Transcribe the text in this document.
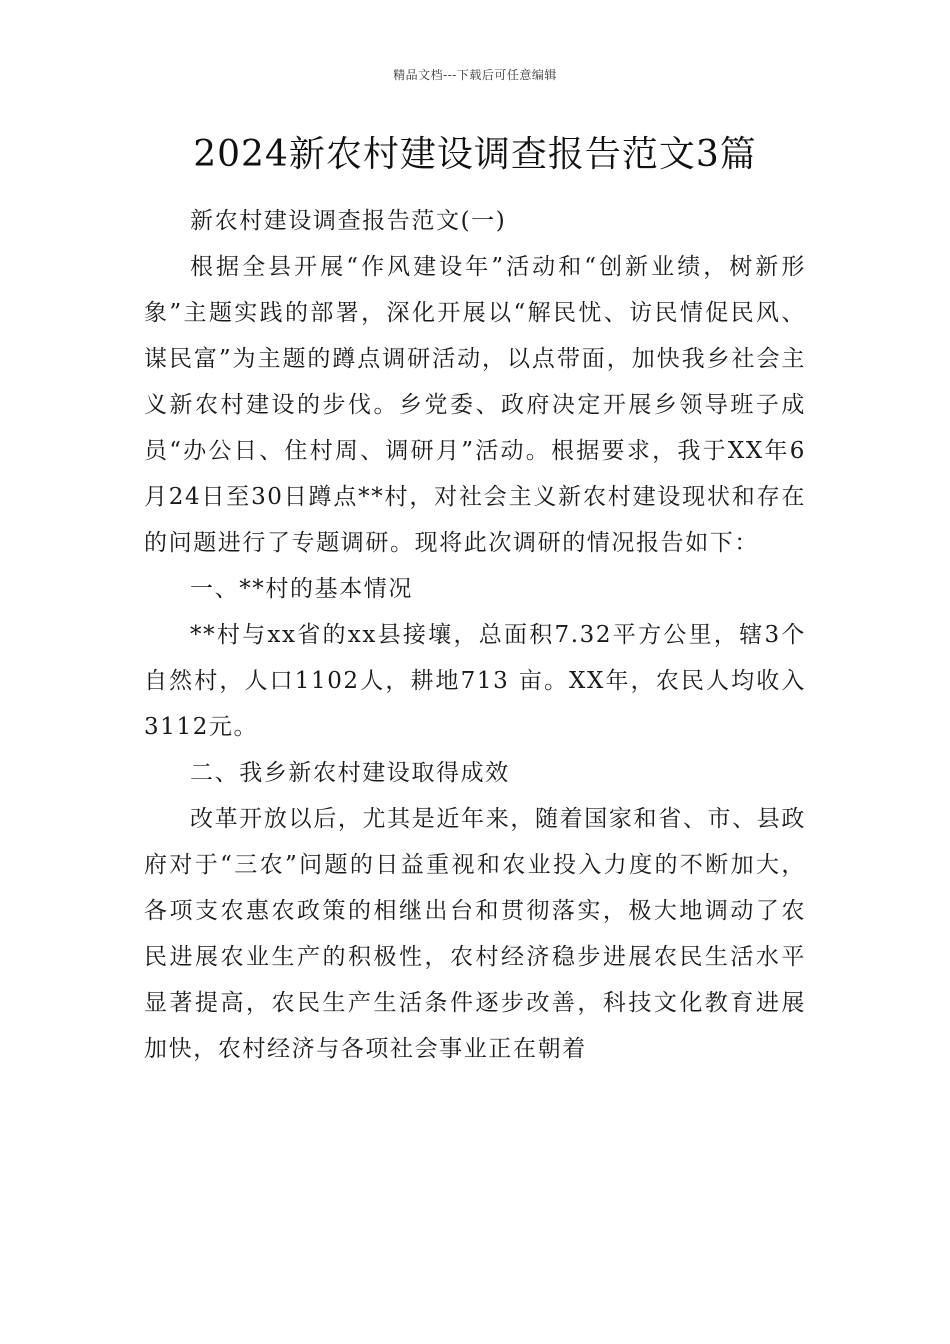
精品文档---下载后可任意编辑

2024新农村建设调查报告范文3篇

新农村建设调查报告范文(一)

根据全县开展“作风建设年”活动和“创新业绩，树新形象”主题实践的部署，深化开展以“解民忧、访民情促民风、谋民富”为主题的蹲点调研活动，以点带面，加快我乡社会主义新农村建设的步伐。乡党委、政府决定开展乡领导班子成员“办公日、住村周、调研月”活动。根据要求，我于XX年6月24日至30日蹲点**村，对社会主义新农村建设现状和存在的问题进行了专题调研。现将此次调研的情况报告如下：

一、**村的基本情况

**村与xx省的xx县接壤，总面积7.32平方公里，辖3个自然村，人口1102人，耕地713 亩。XX年，农民人均收入3112元。

二、我乡新农村建设取得成效

改革开放以后，尤其是近年来，随着国家和省、市、县政府对于“三农”问题的日益重视和农业投入力度的不断加大，各项支农惠农政策的相继出台和贯彻落实，极大地调动了农民进展农业生产的积极性，农村经济稳步进展农民生活水平显著提高，农民生产生活条件逐步改善，科技文化教育进展加快，农村经济与各项社会事业正在朝着
